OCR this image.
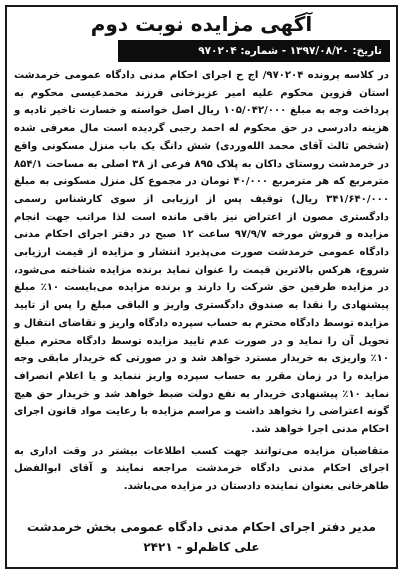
آگهی مزایده نوبت دوم
تاریخ: ۱۳۹۷/۰۸/۲۰ - شماره: ۹۷۰۲۰۴

در کلاسه پرونده ۹۷۰۲۰۴/ اج ح اجرای احکام مدنی دادگاه عمومی خرمدشت استان قزوین محکوم علیه امیر عزیزخانی فرزند محمدعیسی محکوم به پرداخت وجه به مبلغ ۱۰۵/۰۴۲/۰۰۰ ریال اصل خواسته و خسارت تاخیر تادیه و هزینه دادرسی در حق محکوم له احمد رجبی گردیده است مال معرفی شده (شخص ثالث آقای محمد الله‌وردی) شش دانگ یک باب منزل مسکونی واقع در خرمدشت روستای داکان به پلاک ۸۹۵ فرعی از ۳۸ اصلی به مساحت ۸۵۴/۱ مترمربع که هر مترمربع ۴۰/۰۰۰ تومان در مجموع کل منزل مسکونی به مبلغ ۳۴۱/۶۴۰/۰۰۰ ریال) توقیف پس از ارزیابی از سوی کارشناس رسمی دادگستری مصون از اعتراض نیز باقی مانده است لذا مراتب جهت انجام مزایده و فروش مورخه ۹۷/۹/۷ ساعت ۱۲ صبح در دفتر اجرای احکام مدنی دادگاه عمومی خرمدشت صورت می‌پذیرد انتشار و مزایده از قیمت ارزیابی شروع، هرکس بالاترین قیمت را عنوان نماید برنده مزایده شناخته می‌شود، در مزایده طرفین حق شرکت را دارند و برنده مزایده می‌بایست ۱۰٪ مبلغ پیشنهادی را نقدا به صندوق دادگستری واریز و الباقی مبلغ را پس از تایید مزایده توسط دادگاه محترم به حساب سپرده دادگاه واریز و تقاضای انتقال و تحویل آن را نماید و در صورت عدم تایید مزایده توسط دادگاه محترم مبلغ ۱۰٪ واریزی به خریدار مسترد خواهد شد و در صورتی که خریدار مابقی وجه مزایده را در زمان مقرر به حساب سپرده واریز ننماید و یا اعلام انصراف نماید ۱۰٪ پیشنهادی خریدار به نفع دولت ضبط خواهد شد و خریدار حق هیچ گونه اعتراضی را نخواهد داشت و مراسم مزایده با رعایت مواد قانون اجرای احکام مدنی اجرا خواهد شد.

متقاضیان مزایده می‌توانند جهت کسب اطلاعات بیشتر در وقت اداری به اجرای احکام مدنی دادگاه خرمدشت مراجعه نمایند و آقای ابوالفضل طاهرخانی بعنوان نماینده دادستان در مزایده می‌باشد.

مدیر دفتر اجرای احکام مدنی دادگاه عمومی بخش خرمدشت
علی کاظم‌لو - ۲۴۲۱
